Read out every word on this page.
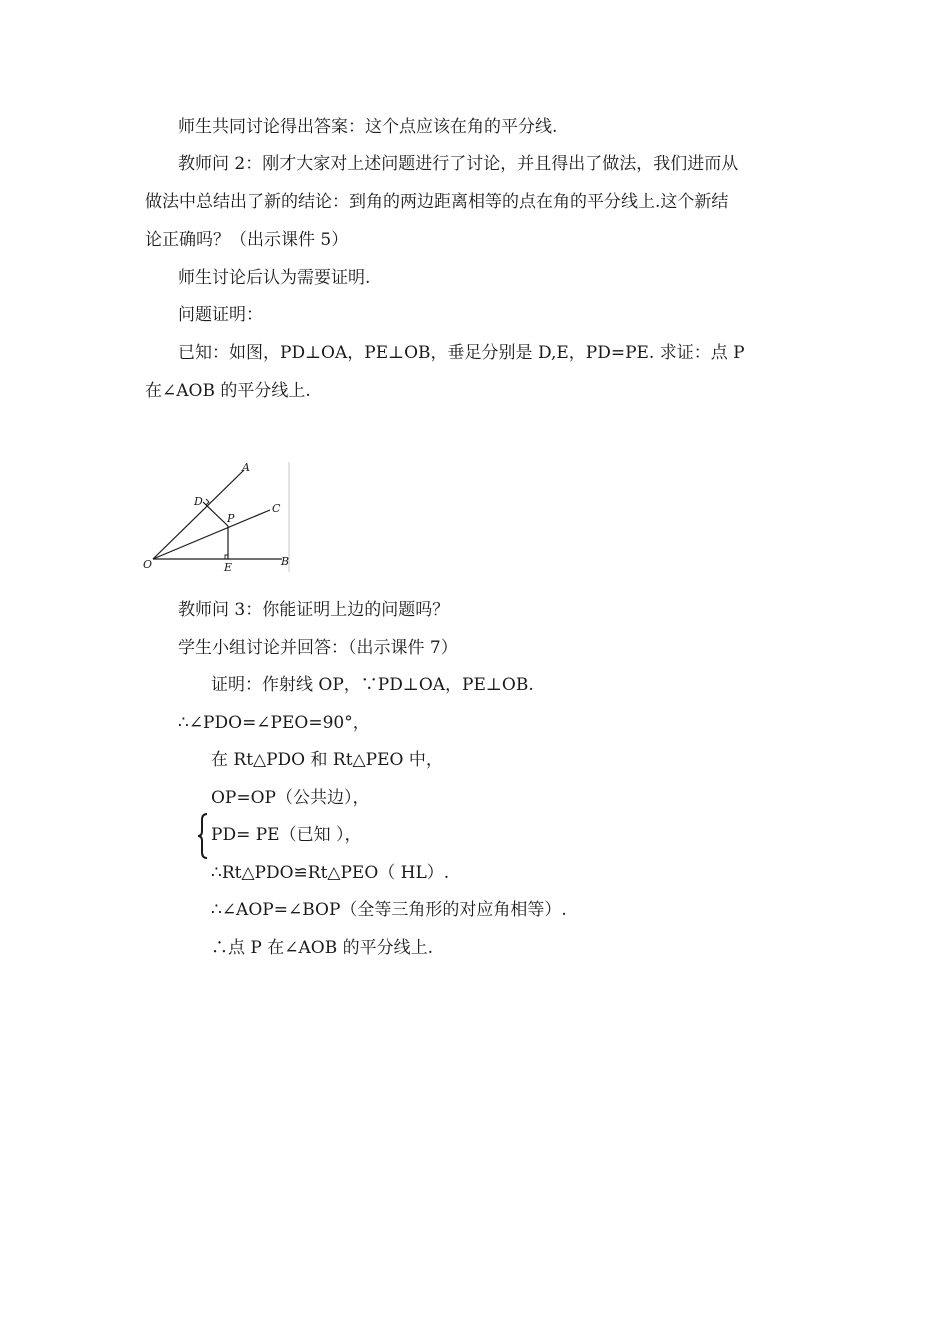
师生共同讨论得出答案：这个点应该在角的平分线.
教师问 2：刚才大家对上述问题进行了讨论，并且得出了做法，我们进而从
做法中总结出了新的结论：到角的两边距离相等的点在角的平分线上.这个新结
论正确吗？（出示课件 5）
师生讨论后认为需要证明.
问题证明：
已知：如图，PD⊥OA，PE⊥OB，垂足分别是 D,E，PD=PE. 求证：点 P
在∠AOB 的平分线上.
A
B
C
D
E
O
P
教师问 3：你能证明上边的问题吗？
学生小组讨论并回答：（出示课件 7）
证明：作射线 OP，∵PD⊥OA，PE⊥OB.
∴∠PDO=∠PEO=90°，
在 Rt△PDO 和 Rt△PEO 中，
OP=OP（公共边），
PD= PE（已知 ），
∴Rt△PDO≌Rt△PEO（ HL）.
∴∠AOP=∠BOP（全等三角形的对应角相等）.
∴点 P 在∠AOB 的平分线上.
